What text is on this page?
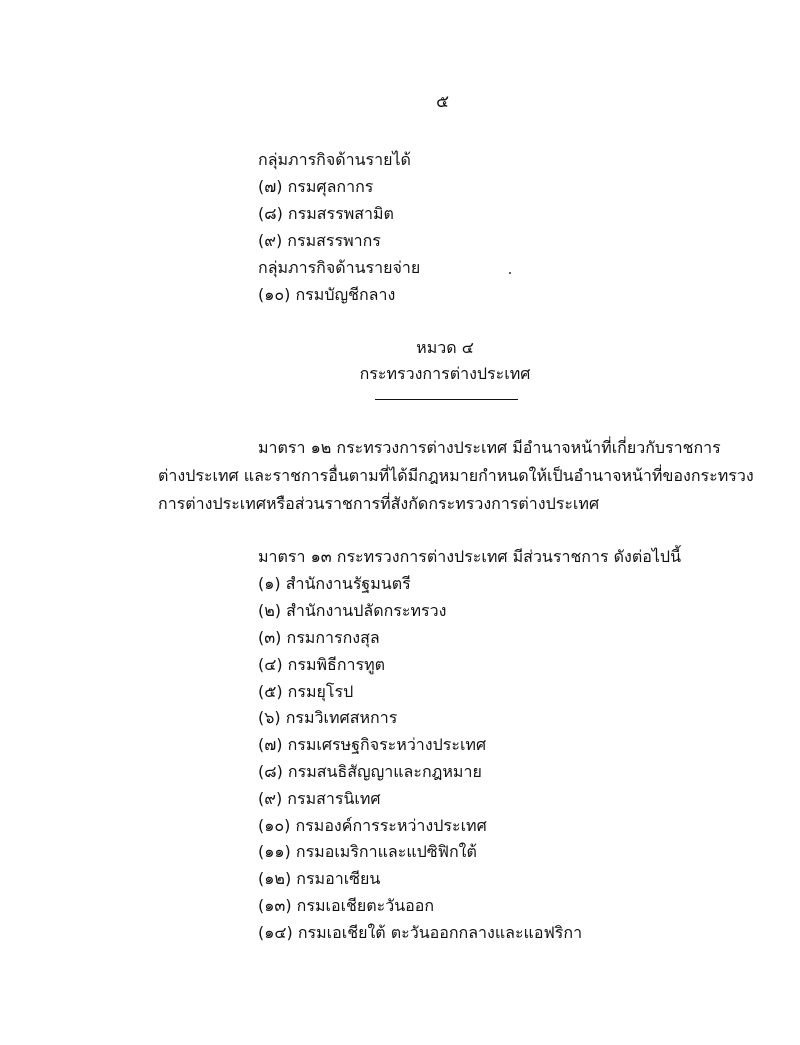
๕
กลุ่มภารกิจด้านรายได้
(๗) กรมศุลกากร
(๘) กรมสรรพสามิต
(๙) กรมสรรพากร
กลุ่มภารกิจด้านรายจ่าย
(๑๐) กรมบัญชีกลาง
หมวด ๔
กระทรวงการต่างประเทศ
มาตรา ๑๒ กระทรวงการต่างประเทศ มีอำนาจหน้าที่เกี่ยวกับราชการ
ต่างประเทศ และราชการอื่นตามที่ได้มีกฎหมายกำหนดให้เป็นอำนาจหน้าที่ของกระทรวง
การต่างประเทศหรือส่วนราชการที่สังกัดกระทรวงการต่างประเทศ
มาตรา ๑๓ กระทรวงการต่างประเทศ มีส่วนราชการ ดังต่อไปนี้
(๑) สำนักงานรัฐมนตรี
(๒) สำนักงานปลัดกระทรวง
(๓) กรมการกงสุล
(๔) กรมพิธีการทูต
(๕) กรมยุโรป
(๖) กรมวิเทศสหการ
(๗) กรมเศรษฐกิจระหว่างประเทศ
(๘) กรมสนธิสัญญาและกฎหมาย
(๙) กรมสารนิเทศ
(๑๐) กรมองค์การระหว่างประเทศ
(๑๑) กรมอเมริกาและแปซิฟิกใต้
(๑๒) กรมอาเซียน
(๑๓) กรมเอเชียตะวันออก
(๑๔) กรมเอเชียใต้ ตะวันออกกลางและแอฟริกา
